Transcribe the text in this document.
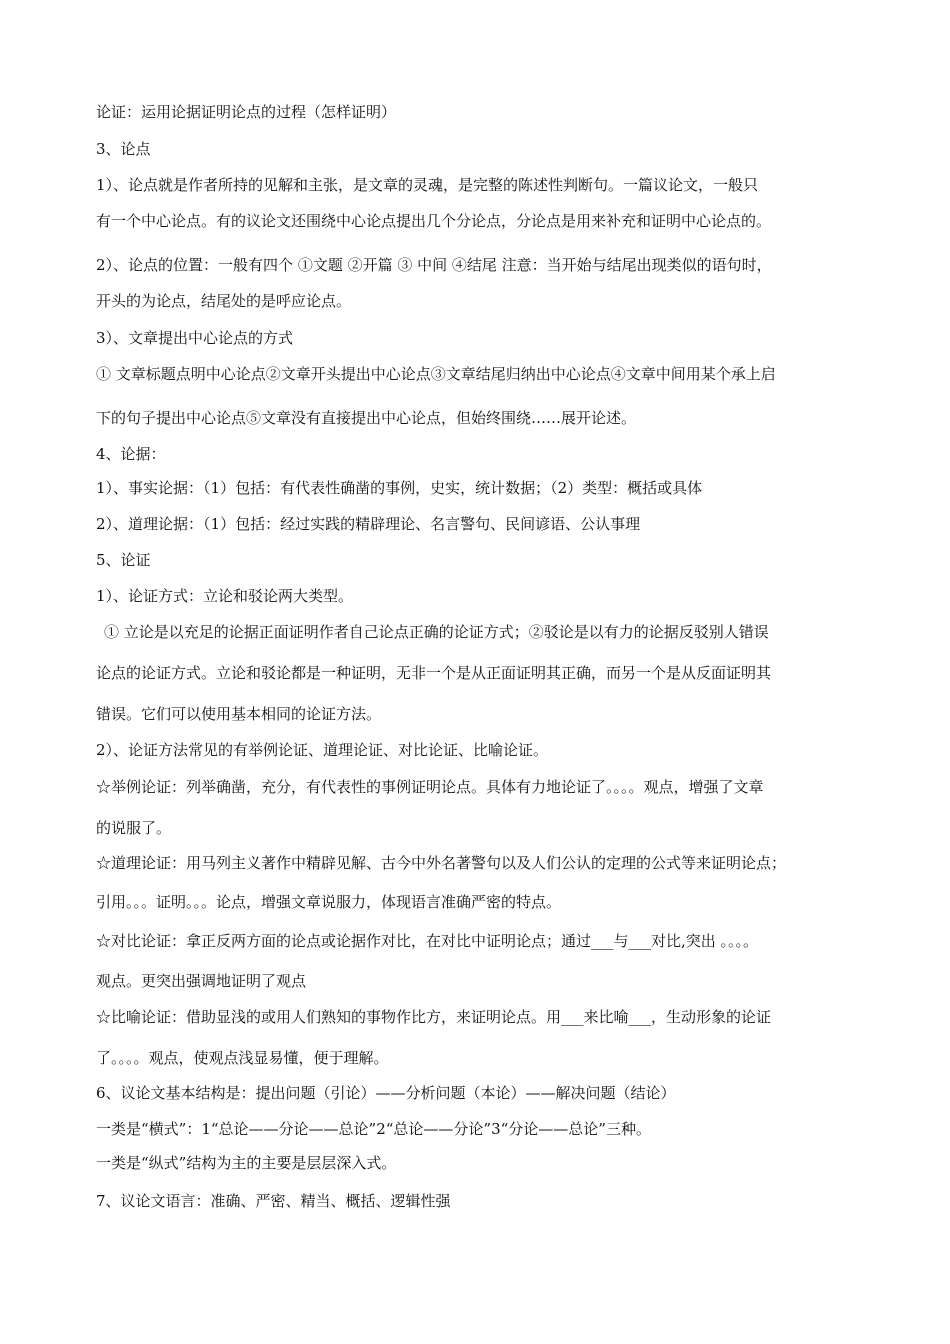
论证：运用论据证明论点的过程（怎样证明）
3、论点
1）、论点就是作者所持的见解和主张，是文章的灵魂，是完整的陈述性判断句。一篇议论文，一般只
有一个中心论点。有的议论文还围绕中心论点提出几个分论点，分论点是用来补充和证明中心论点的。
2）、论点的位置：一般有四个 ①文题 ②开篇 ③ 中间 ④结尾 注意：当开始与结尾出现类似的语句时，
开头的为论点，结尾处的是呼应论点。
3）、文章提出中心论点的方式
① 文章标题点明中心论点②文章开头提出中心论点③文章结尾归纳出中心论点④文章中间用某个承上启
下的句子提出中心论点⑤文章没有直接提出中心论点，但始终围绕……展开论述。
4、论据：
1）、事实论据：（1）包括：有代表性确凿的事例，史实，统计数据；（2）类型：概括或具体
2）、道理论据：（1）包括：经过实践的精辟理论、名言警句、民间谚语、公认事理
5、论证
1）、论证方式：立论和驳论两大类型。
① 立论是以充足的论据正面证明作者自己论点正确的论证方式；②驳论是以有力的论据反驳别人错误
论点的论证方式。立论和驳论都是一种证明，无非一个是从正面证明其正确，而另一个是从反面证明其
错误。它们可以使用基本相同的论证方法。
2）、论证方法常见的有举例论证、道理论证、对比论证、比喻论证。
☆举例论证：列举确凿，充分，有代表性的事例证明论点。具体有力地论证了。。。。观点，增强了文章
的说服了。
☆道理论证：用马列主义著作中精辟见解、古今中外名著警句以及人们公认的定理的公式等来证明论点；
引用。。。证明。。。论点，增强文章说服力，体现语言准确严密的特点。
☆对比论证：拿正反两方面的论点或论据作对比，在对比中证明论点；通过___与___对比,突出 。。。。
观点。更突出强调地证明了观点
☆比喻论证：借助显浅的或用人们熟知的事物作比方，来证明论点。用___来比喻___，生动形象的论证
了。。。。观点，使观点浅显易懂，便于理解。
6、议论文基本结构是：提出问题（引论）——分析问题（本论）——解决问题（结论）
一类是“横式”：1“总论——分论——总论”2“总论——分论”3“分论——总论”三种。
一类是“纵式”结构为主的主要是层层深入式。
7、议论文语言：准确、严密、精当、概括、逻辑性强
